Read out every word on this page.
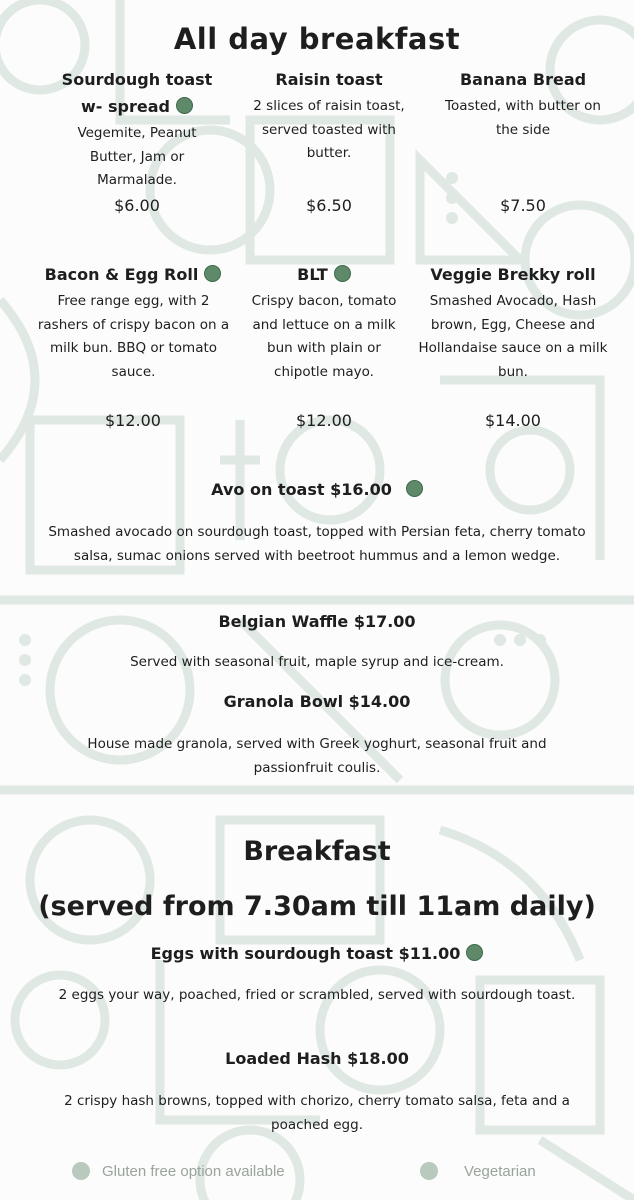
All day breakfast
Sourdough toast
w- spread
Vegemite, Peanut Butter, Jam or Marmalade.
$6.00
Raisin toast
2 slices of raisin toast, served toasted with butter.
$6.50
Banana Bread
Toasted, with butter on the side
$7.50
Bacon & Egg Roll
Free range egg, with 2 rashers of crispy bacon on a milk bun. BBQ or tomato sauce.
$12.00
BLT
Crispy bacon, tomato and lettuce on a milk bun with plain or chipotle mayo.
$12.00
Veggie Brekky roll
Smashed Avocado, Hash brown, Egg, Cheese and Hollandaise sauce on a milk bun.
$14.00
Avo on toast $16.00
Smashed avocado on sourdough toast, topped with Persian feta, cherry tomato salsa, sumac onions served with beetroot hummus and a lemon wedge.
Belgian Waffle $17.00
Served with seasonal fruit, maple syrup and ice-cream.
Granola Bowl $14.00
House made granola, served with Greek yoghurt, seasonal fruit and passionfruit coulis.
Breakfast
(served from 7.30am till 11am daily)
Eggs with sourdough toast $11.00
2 eggs your way, poached, fried or scrambled, served with sourdough toast.
Loaded Hash $18.00
2 crispy hash browns, topped with chorizo, cherry tomato salsa, feta and a poached egg.
Gluten free option available	Vegetarian
